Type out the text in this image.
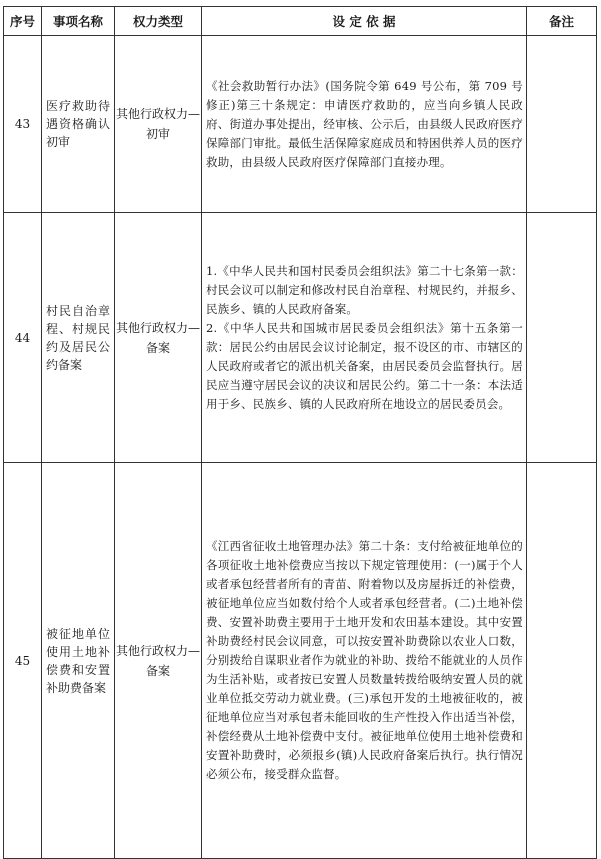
序号	事项名称	权力类型	设 定 依 据	备注
43	医疗救助待遇资格确认初审	其他行政权力—初审	《社会救助暂行办法》(国务院令第 649 号公布，第 709 号修正)第三十条规定：申请医疗救助的，应当向乡镇人民政府、街道办事处提出，经审核、公示后，由县级人民政府医疗保障部门审批。最低生活保障家庭成员和特困供养人员的医疗救助，由县级人民政府医疗保障部门直接办理。	

44	村民自治章程、村规民约及居民公约备案	其他行政权力—备案	1.《中华人民共和国村民委员会组织法》第二十七条第一款：村民会议可以制定和修改村民自治章程、村规民约，并报乡、民族乡、镇的人民政府备案。
2.《中华人民共和国城市居民委员会组织法》第十五条第一款：居民公约由居民会议讨论制定，报不设区的市、市辖区的人民政府或者它的派出机关备案，由居民委员会监督执行。居民应当遵守居民会议的决议和居民公约。第二十一条：本法适用于乡、民族乡、镇的人民政府所在地设立的居民委员会。	

45	被征地单位使用土地补偿费和安置补助费备案	其他行政权力—备案	《江西省征收土地管理办法》第二十条：支付给被征地单位的各项征收土地补偿费应当按以下规定管理使用：(一)属于个人或者承包经营者所有的青苗、附着物以及房屋拆迁的补偿费，被征地单位应当如数付给个人或者承包经营者。(二)土地补偿费、安置补助费主要用于土地开发和农田基本建设。其中安置补助费经村民会议同意，可以按安置补助费除以农业人口数，分别拨给自谋职业者作为就业的补助、拨给不能就业的人员作为生活补贴，或者按已安置人员数量转拨给吸纳安置人员的就业单位抵交劳动力就业费。(三)承包开发的土地被征收的，被征地单位应当对承包者未能回收的生产性投入作出适当补偿，补偿经费从土地补偿费中支付。被征地单位使用土地补偿费和安置补助费时，必须报乡(镇)人民政府备案后执行。执行情况必须公布，接受群众监督。	
